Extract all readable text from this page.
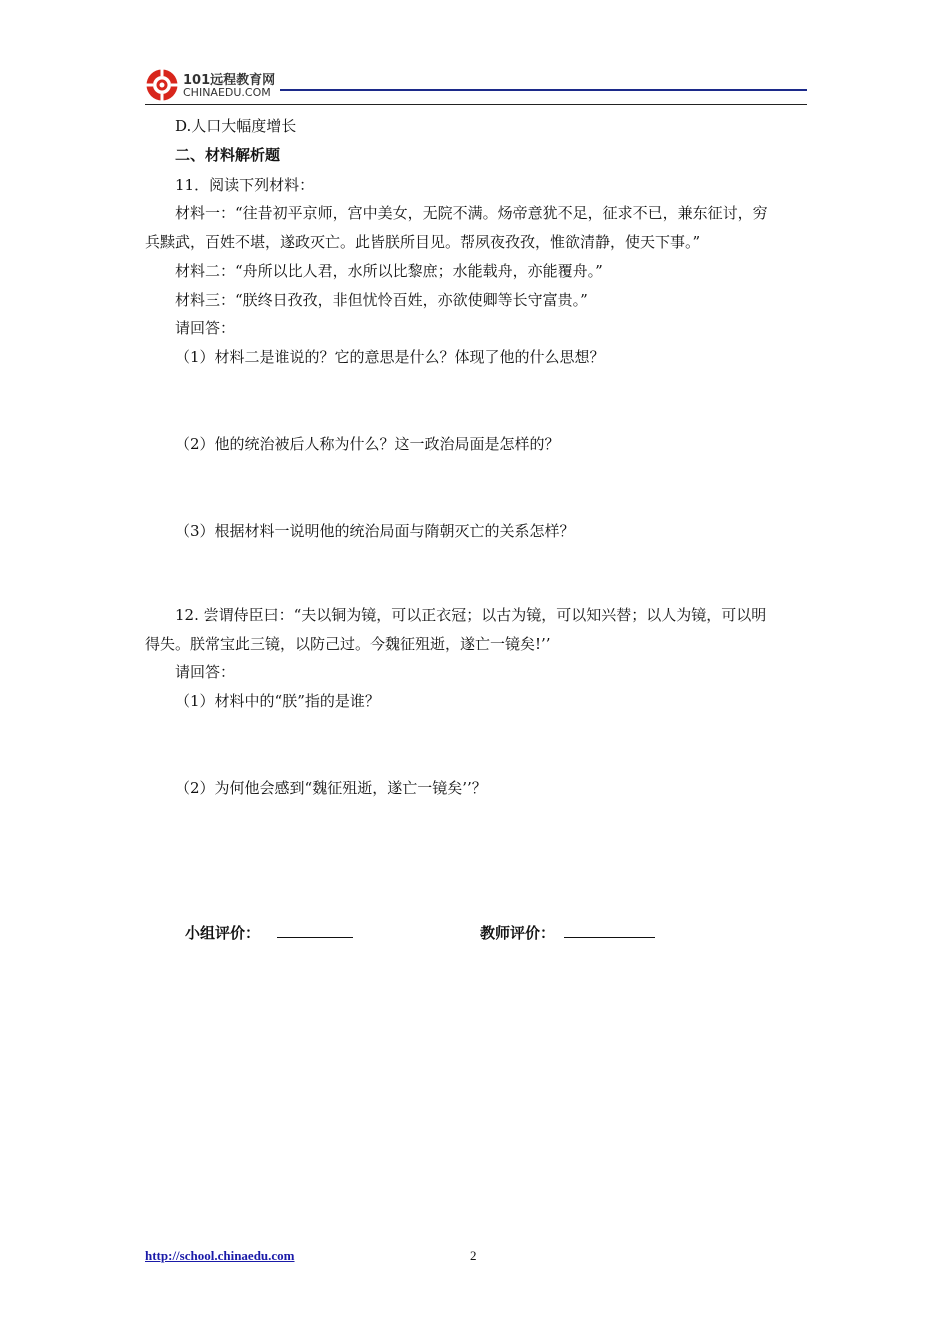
101远程教育网
CHINAEDU.COM
D.人口大幅度增长
二、材料解析题
11．阅读下列材料：
材料一：“往昔初平京师，宫中美女，无院不满。炀帝意犹不足，征求不已，兼东征讨，穷
兵黩武，百姓不堪，遂政灭亡。此皆朕所目见。帮夙夜孜孜，惟欲清静，使天下事。”
材料二：“舟所以比人君，水所以比黎庶；水能载舟，亦能覆舟。”
材料三：“朕终日孜孜，非但忧怜百姓，亦欲使卿等长守富贵。”
请回答：
（1）材料二是谁说的？它的意思是什么？体现了他的什么思想？
（2）他的统治被后人称为什么？这一政治局面是怎样的？
（3）根据材料一说明他的统治局面与隋朝灭亡的关系怎样？
12. 尝谓侍臣曰：“夫以铜为镜，可以正衣冠；以古为镜，可以知兴替；以人为镜，可以明
得失。朕常宝此三镜，以防己过。今魏征殂逝，遂亡一镜矣!’’
请回答：
（1）材料中的“朕”指的是谁？
（2）为何他会感到“魏征殂逝，遂亡一镜矣’’？
小组评价：	教师评价：
http://school.chinaedu.com	2
